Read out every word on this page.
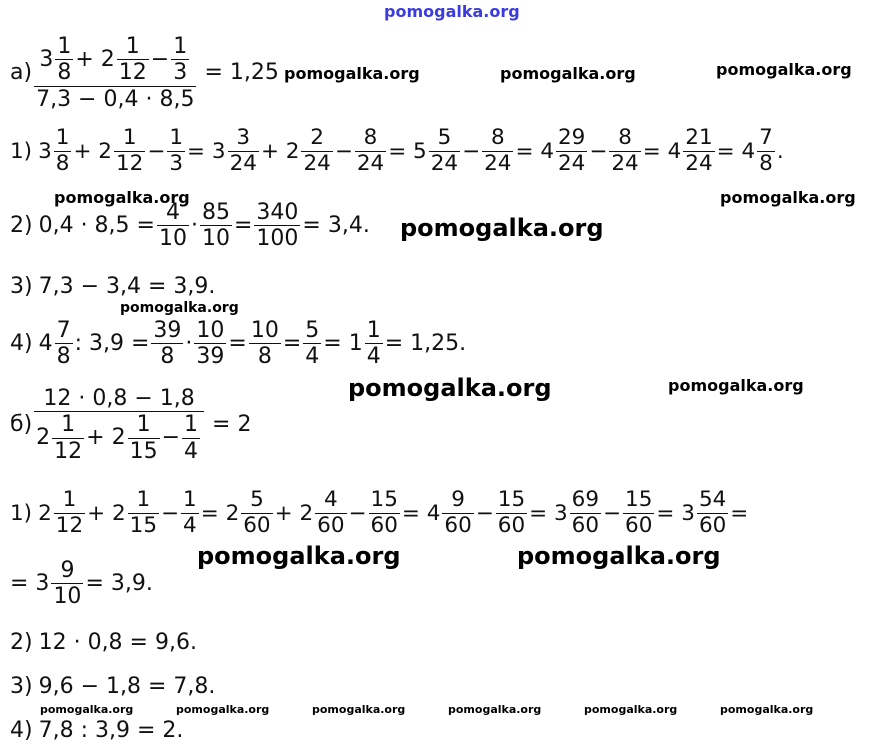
pomogalka.org
$а) \frac{3 \frac{1}{8} + 2 \frac{1}{12} - \frac{1}{3}}{7,3 - 0,4 \cdot 8,5} = 1,25$
1) $3 \frac{1}{8} + 2 \frac{1}{12} - \frac{1}{3} = 3 \frac{3}{24} + 2 \frac{2}{24} - \frac{8}{24} = 5 \frac{5}{24} - \frac{8}{24} = 4 \frac{29}{24} - \frac{8}{24} = 4 \frac{21}{24} = 4 \frac{7}{8}$ .
2) $0,4 \cdot 8,5 = \frac{4}{10} \cdot \frac{85}{10} = \frac{340}{100} = 3,4$.
3) 7,3 − 3,4 = 3,9.
4) $4 \frac{7}{8}$ : $3,9 = \frac{39}{8} \cdot \frac{10}{39} = \frac{10}{8} = \frac{5}{4} = 1 \frac{1}{4} = 1,25$.
$б) \frac{12 \cdot 0,8 - 1,8}{2 \frac{1}{12} + 2 \frac{1}{15} - \frac{1}{4}} = 2$
1) $2 \frac{1}{12} + 2 \frac{1}{15} - \frac{1}{4} = 2 \frac{5}{60} + 2 \frac{4}{60} - \frac{15}{60} = 4 \frac{9}{60} - \frac{15}{60} = 3 \frac{69}{60} - \frac{15}{60} = 3 \frac{54}{60}$ =
= $3 \frac{9}{10} = 3,9$.
2) 12 · 0,8 = 9,6.
3) 9,6 − 1,8 = 7,8.
4) 7,8 : 3,9 = 2.
pomogalka.org	pomogalka.org	pomogalka.org
pomogalka.org	pomogalka.org
pomogalka.org
pomogalka.org
pomogalka.org	pomogalka.org
pomogalka.org	pomogalka.org
pomogalka.org	pomogalka.org	pomogalka.org	pomogalka.org	pomogalka.org	pomogalka.org
